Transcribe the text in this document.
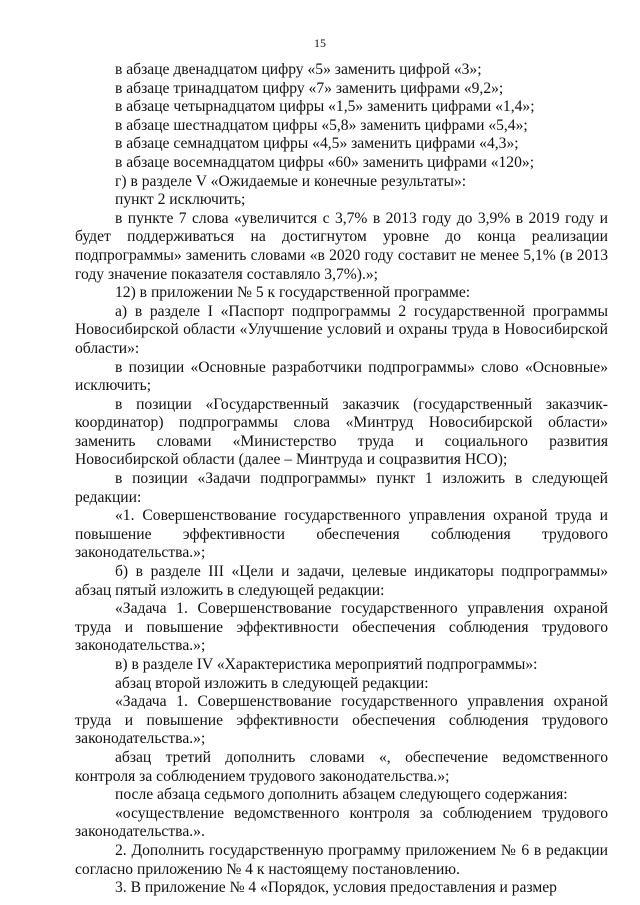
15

в абзаце двенадцатом цифру «5» заменить цифрой «3»;

в абзаце тринадцатом цифру «7» заменить цифрами «9,2»;

в абзаце четырнадцатом цифры «1,5» заменить цифрами «1,4»;

в абзаце шестнадцатом цифры «5,8» заменить цифрами «5,4»;

в абзаце семнадцатом цифры «4,5» заменить цифрами «4,3»;

в абзаце восемнадцатом цифры «60» заменить цифрами «120»;

г) в разделе V «Ожидаемые и конечные результаты»:

пункт 2 исключить;

в пункте 7 слова «увеличится с 3,7% в 2013 году до 3,9% в 2019 году и будет поддерживаться на достигнутом уровне до конца реализации подпрограммы» заменить словами «в 2020 году составит не менее 5,1% (в 2013 году значение показателя составляло 3,7%).»;

12) в приложении № 5 к государственной программе:

а) в разделе I «Паспорт подпрограммы 2 государственной программы Новосибирской области «Улучшение условий и охраны труда в Новосибирской области»:

в позиции «Основные разработчики подпрограммы» слово «Основные» исключить;

в позиции «Государственный заказчик (государственный заказчик-координатор) подпрограммы слова «Минтруд Новосибирской области» заменить словами «Министерство труда и социального развития Новосибирской области (далее – Минтруда и соцразвития НСО);

в позиции «Задачи подпрограммы» пункт 1 изложить в следующей редакции:

«1. Совершенствование государственного управления охраной труда и повышение эффективности обеспечения соблюдения трудового законодательства.»;

б) в разделе III «Цели и задачи, целевые индикаторы подпрограммы» абзац пятый изложить в следующей редакции:

«Задача 1. Совершенствование государственного управления охраной труда и повышение эффективности обеспечения соблюдения трудового законодательства.»;

в) в разделе IV «Характеристика мероприятий подпрограммы»:

абзац второй изложить в следующей редакции:

«Задача 1. Совершенствование государственного управления охраной труда и повышение эффективности обеспечения соблюдения трудового законодательства.»;

абзац третий дополнить словами «, обеспечение ведомственного контроля за соблюдением трудового законодательства.»;

после абзаца седьмого дополнить абзацем следующего содержания:

«осуществление ведомственного контроля за соблюдением трудового законодательства.».

2. Дополнить государственную программу приложением № 6 в редакции согласно приложению № 4 к настоящему постановлению.

3. В приложение № 4 «Порядок, условия предоставления и размер
